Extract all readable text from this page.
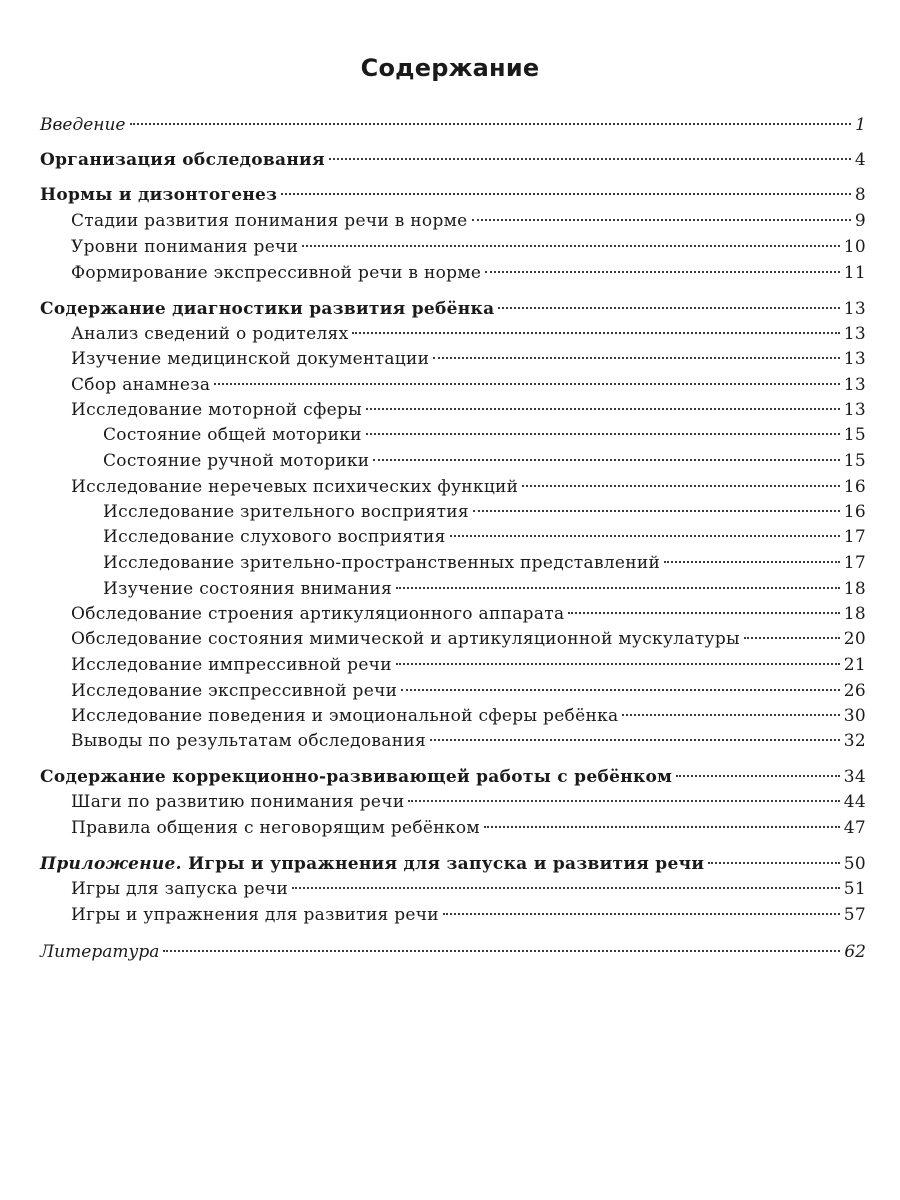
Содержание
Введение	1
Организация обследования	4
Нормы и дизонтогенез	8
Стадии развития понимания речи в норме	9
Уровни понимания речи	10
Формирование экспрессивной речи в норме	11
Содержание диагностики развития ребёнка	13
Анализ сведений о родителях	13
Изучение медицинской документации	13
Сбор анамнеза	13
Исследование моторной сферы	13
Состояние общей моторики	15
Состояние ручной моторики	15
Исследование неречевых психических функций	16
Исследование зрительного восприятия	16
Исследование слухового восприятия	17
Исследование зрительно-пространственных представлений	17
Изучение состояния внимания	18
Обследование строения артикуляционного аппарата	18
Обследование состояния мимической и артикуляционной мускулатуры	20
Исследование импрессивной речи	21
Исследование экспрессивной речи	26
Исследование поведения и эмоциональной сферы ребёнка	30
Выводы по результатам обследования	32
Содержание коррекционно-развивающей работы с ребёнком	34
Шаги по развитию понимания речи	44
Правила общения с неговорящим ребёнком	47
Приложение. Игры и упражнения для запуска и развития речи	50
Игры для запуска речи	51
Игры и упражнения для развития речи	57
Литература	62
